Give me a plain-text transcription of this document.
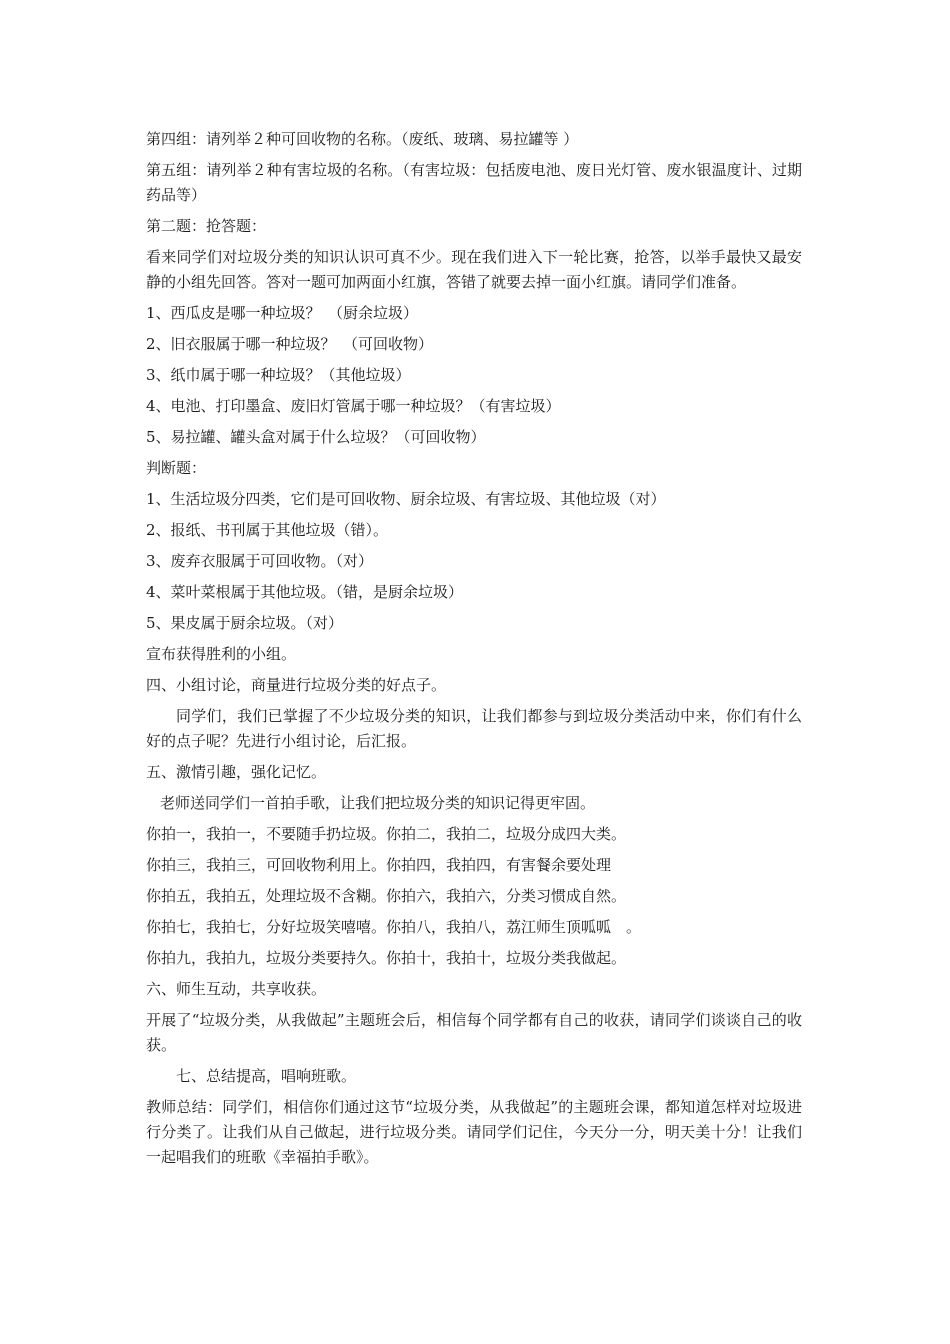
第四组：请列举２种可回收物的名称。（废纸、玻璃、易拉罐等 ）
第五组：请列举２种有害垃圾的名称。（有害垃圾：包括废电池、废日光灯管、废水银温度计、过期药品等）
第二题：抢答题：
看来同学们对垃圾分类的知识认识可真不少。现在我们进入下一轮比赛，抢答，以举手最快又最安静的小组先回答。答对一题可加两面小红旗，答错了就要去掉一面小红旗。请同学们准备。
1、西瓜皮是哪一种垃圾？　（厨余垃圾）
2、旧衣服属于哪一种垃圾？　（可回收物）
3、纸巾属于哪一种垃圾？（其他垃圾）
4、电池、打印墨盒、废旧灯管属于哪一种垃圾？（有害垃圾）
5、易拉罐、罐头盒对属于什么垃圾？（可回收物）
判断题：
1、生活垃圾分四类，它们是可回收物、厨余垃圾、有害垃圾、其他垃圾（对）
2、报纸、书刊属于其他垃圾（错）。
3、废弃衣服属于可回收物。（对）
4、菜叶菜根属于其他垃圾。（错，是厨余垃圾）
5、果皮属于厨余垃圾。（对）
宣布获得胜利的小组。
四、小组讨论，商量进行垃圾分类的好点子。
同学们，我们已掌握了不少垃圾分类的知识，让我们都参与到垃圾分类活动中来，你们有什么好的点子呢？先进行小组讨论，后汇报。
五、激情引趣，强化记忆。
老师送同学们一首拍手歌，让我们把垃圾分类的知识记得更牢固。
你拍一，我拍一，不要随手扔垃圾。你拍二，我拍二，垃圾分成四大类。
你拍三，我拍三，可回收物利用上。你拍四，我拍四，有害餐余要处理
你拍五，我拍五，处理垃圾不含糊。你拍六，我拍六，分类习惯成自然。
你拍七，我拍七，分好垃圾笑嘻嘻。你拍八，我拍八，荔江师生顶呱呱　。
你拍九，我拍九，垃圾分类要持久。你拍十，我拍十，垃圾分类我做起。
六、师生互动，共享收获。
开展了“垃圾分类，从我做起”主题班会后，相信每个同学都有自己的收获，请同学们谈谈自己的收获。
七、总结提高，唱响班歌。
教师总结：同学们，相信你们通过这节“垃圾分类，从我做起”的主题班会课，都知道怎样对垃圾进行分类了。让我们从自己做起，进行垃圾分类。请同学们记住，今天分一分，明天美十分！让我们一起唱我们的班歌《幸福拍手歌》。
